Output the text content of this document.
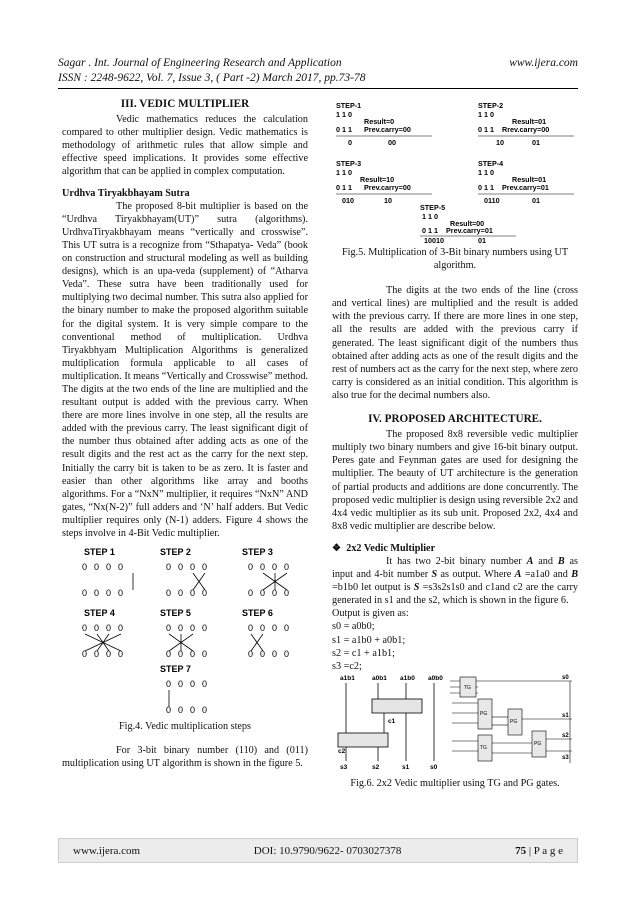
Sagar . Int. Journal of Engineering Research and Application	www.ijera.com
ISSN : 2248-9622, Vol. 7, Issue 3, ( Part -2) March 2017, pp.73-78
III. VEDIC MULTIPLIER

Vedic mathematics reduces the calculation compared to other multiplier design. Vedic mathematics is methodology of arithmetic rules that allow simple and effective speed implications. It provides some effective algorithm that can be applied in complex computation.

Urdhva Tiryakbhayam Sutra

The proposed 8-bit multiplier is based on the “Urdhva Tiryakbhayam(UT)” sutra (algorithms). UrdhvaTiryakbhayam means “vertically and crosswise”. This UT sutra is a recognize from “Sthapatya- Veda” (book on construction and structural modeling as well as building designs), which is an upa-veda (supplement) of “Atharva Veda”. These sutra have been traditionally used for multiplying two decimal number. This sutra also applied for the binary number to make the proposed algorithm suitable for the digital system. It is very simple compare to the conventional method of multiplication. Urdhva Tiryakbhyam Multiplication Algorithms is generalized multiplication formula applicable to all cases of multiplication. It means “Vertically and Crosswise” method. The digits at the two ends of the line are multiplied and the resultant output is added with the previous carry. When there are more lines involve in one step, all the results are added with the previous carry. The least significant digit of the number thus obtained after adding acts as one of the result digits and the rest act as the carry for the next step. Initially the carry bit is taken to be as zero. It is faster and easier than other algorithms like array and booths algorithms. For a “NxN” multiplier, it requires “NxN” AND gates, “Nx(N-2)” full adders and ‘N’ half adders. But Vedic multiplier requires only (N-1) adders. Figure 4 shows the steps involve in 4-Bit Vedic multiplier.

STEP 1	STEP 2	STEP 3
STEP 4	STEP 5	STEP 6
STEP 7
0 0 0 0
0 0 0 0
0 0 0 0
0 0 0 0
0 0 0 0
0 0 0 0
0 0 0 0
0 0 0 0
0 0 0 0
0 0 0 0
0 0 0 0
0 0 0 0
0 0 0 0
0 0 0 0

Fig.4. Vedic multiplication steps

For 3-bit binary number (110) and (011) multiplication using UT algorithm is shown in the figure 5.

STEP-1
1 1 0
Result=0
0 1 1 Prev.carry=00
0	00
STEP-2
1 1 0
Result=01
0 1 1 Rrev.carry=00
10	01
STEP-3
1 1 0
Result=10
0 1 1 Prev.carry=00
010	10
STEP-4
1 1 0
Result=01
0 1 1 Prev.carry=01
0110	01
STEP-5
1 1 0
Result=00
0 1 1 Prev.carry=01
10010	01

Fig.5. Multiplication of 3-Bit binary numbers using UT algorithm.

The digits at the two ends of the line (cross and vertical lines) are multiplied and the result is added with the previous carry. If there are more lines in one step, all the results are added with the previous carry if generated. The least significant digit of the numbers thus obtained after adding acts as one of the result digits and the rest of numbers act as the carry for the next step, where zero carry is considered as an initial condition. This algorithm is also true for the decimal numbers also.

IV. PROPOSED ARCHITECTURE.

The proposed 8x8 reversible vedic multiplier multiply two binary numbers and give 16-bit binary output. Peres gate and Feynman gates are used for designing the multiplier. The beauty of UT architecture is the generation of partial products and additions are done concurrently. The proposed vedic multiplier is design using reversible 2x2 and 4x4 vedic multiplier as its sub unit. Proposed 2x2, 4x4 and 8x8 vedic multiplier are describe below.

❖ 2x2 Vedic Multiplier

It has two 2-bit binary number A and B as input and 4-bit number S as output. Where A =a1a0 and B =b1b0 let output is S =s3s2s1s0 and c1and c2 are the carry generated in s1 and the s2, which is shown in the figure 6.

Output is given as:

s0 = a0b0;

s1 = a1b0 + a0b1;

s2 = c1 + a1b1;

s3 =c2;

a1b1	a0b1 a1b0 a0b0
c2
c1
s3	s2	s1	s0
TG
PG
PG
TG
PG
s0
s1
s2
s3

Fig.6. 2x2 Vedic multiplier using TG and PG gates.

www.ijera.com	DOI: 10.9790/9622- 0703027378	75 | P a g e
